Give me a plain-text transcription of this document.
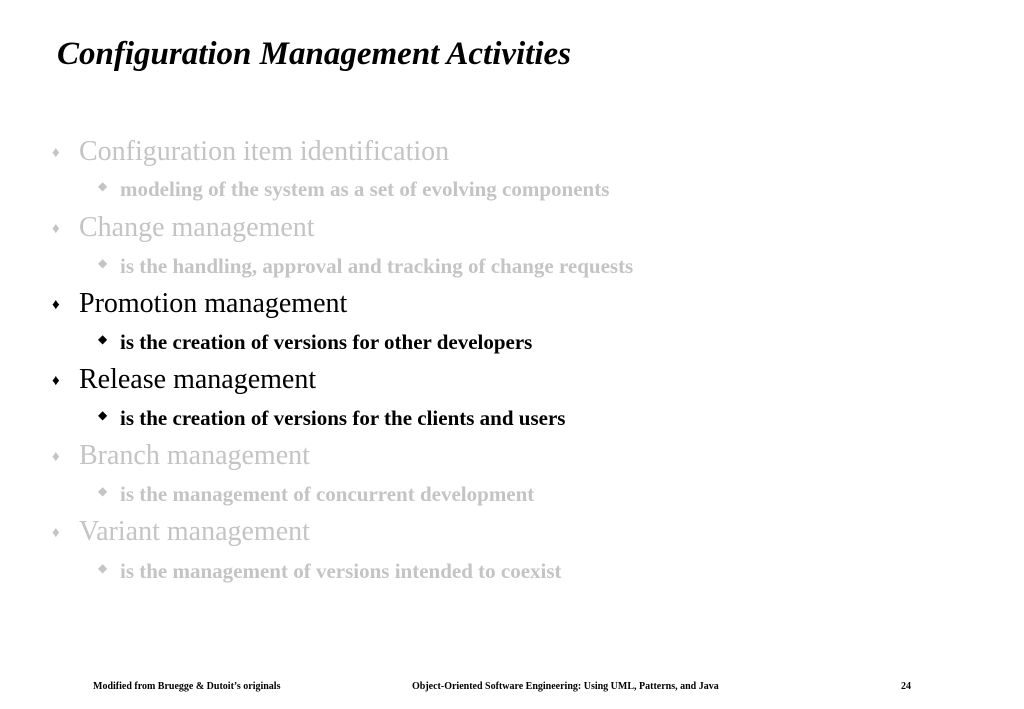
Configuration Management Activities
♦ Configuration item identification
◆ modeling of the system as a set of evolving components
♦ Change management
◆ is the handling, approval and tracking of change requests
♦ Promotion management
◆ is the creation of versions for other developers
♦ Release management
◆ is the creation of versions for the clients and users
♦ Branch management
◆ is the management of concurrent development
♦ Variant management
◆ is the management of versions intended to coexist
Modified from Bruegge & Dutoit’s originals	Object-Oriented Software Engineering: Using UML, Patterns, and Java	24
